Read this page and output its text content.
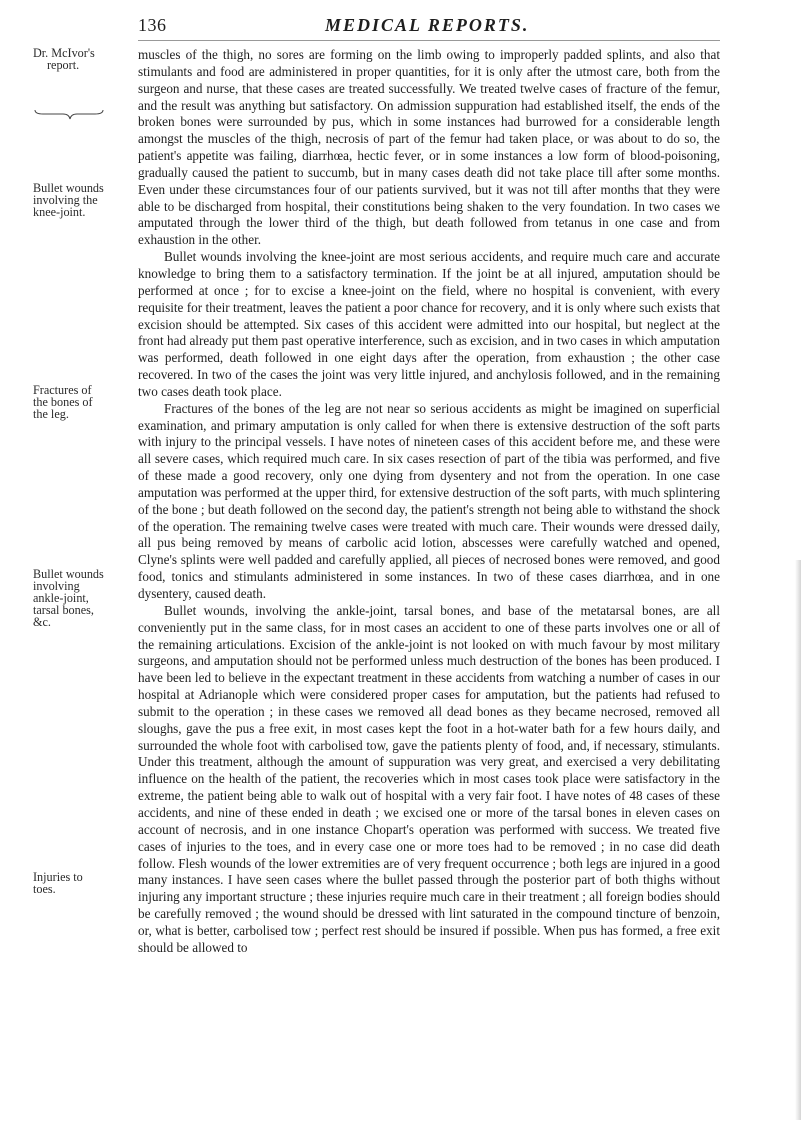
136	MEDICAL REPORTS.
Dr. McIvor's
report.
Bullet wounds
involving the
knee-joint.
Fractures of
the bones of
the leg.
Bullet wounds
involving
ankle-joint,
tarsal bones,
&c.
Injuries to
toes.

muscles of the thigh, no sores are forming on the limb owing to improperly padded splints, and also that stimulants and food are administered in proper quantities, for it is only after the utmost care, both from the surgeon and nurse, that these cases are treated successfully. We treated twelve cases of fracture of the femur, and the result was anything but satisfactory. On admission suppuration had established itself, the ends of the broken bones were surrounded by pus, which in some instances had burrowed for a considerable length amongst the muscles of the thigh, necrosis of part of the femur had taken place, or was about to do so, the patient's appetite was failing, diarrhœa, hectic fever, or in some instances a low form of blood-poisoning, gradually caused the patient to succumb, but in many cases death did not take place till after some months. Even under these circumstances four of our patients survived, but it was not till after months that they were able to be discharged from hospital, their constitutions being shaken to the very foundation. In two cases we amputated through the lower third of the thigh, but death followed from tetanus in one case and from exhaustion in the other.

Bullet wounds involving the knee-joint are most serious accidents, and require much care and accurate knowledge to bring them to a satisfactory termination. If the joint be at all injured, amputation should be performed at once ; for to excise a knee-joint on the field, where no hospital is convenient, with every requisite for their treatment, leaves the patient a poor chance for recovery, and it is only where such exists that excision should be attempted. Six cases of this accident were admitted into our hospital, but neglect at the front had already put them past operative interference, such as excision, and in two cases in which amputation was performed, death followed in one eight days after the operation, from exhaustion ; the other case recovered. In two of the cases the joint was very little injured, and anchylosis followed, and in the remaining two cases death took place.

Fractures of the bones of the leg are not near so serious accidents as might be imagined on superficial examination, and primary amputation is only called for when there is extensive destruction of the soft parts with injury to the principal vessels. I have notes of nineteen cases of this accident before me, and these were all severe cases, which required much care. In six cases resection of part of the tibia was performed, and five of these made a good recovery, only one dying from dysentery and not from the operation. In one case amputation was performed at the upper third, for extensive destruction of the soft parts, with much splintering of the bone ; but death followed on the second day, the patient's strength not being able to withstand the shock of the operation. The remaining twelve cases were treated with much care. Their wounds were dressed daily, all pus being removed by means of carbolic acid lotion, abscesses were carefully watched and opened, Clyne's splints were well padded and carefully applied, all pieces of necrosed bones were removed, and good food, tonics and stimulants administered in some instances. In two of these cases diarrhœa, and in one dysentery, caused death.

Bullet wounds, involving the ankle-joint, tarsal bones, and base of the metatarsal bones, are all conveniently put in the same class, for in most cases an accident to one of these parts involves one or all of the remaining articulations. Excision of the ankle-joint is not looked on with much favour by most military surgeons, and amputation should not be performed unless much destruction of the bones has been produced. I have been led to believe in the expectant treatment in these accidents from watching a number of cases in our hospital at Adrianople which were considered proper cases for amputation, but the patients had refused to submit to the operation ; in these cases we removed all dead bones as they became necrosed, removed all sloughs, gave the pus a free exit, in most cases kept the foot in a hot-water bath for a few hours daily, and surrounded the whole foot with carbolised tow, gave the patients plenty of food, and, if necessary, stimulants. Under this treatment, although the amount of suppuration was very great, and exercised a very debilitating influence on the health of the patient, the recoveries which in most cases took place were satisfactory in the extreme, the patient being able to walk out of hospital with a very fair foot. I have notes of 48 cases of these accidents, and nine of these ended in death ; we excised one or more of the tarsal bones in eleven cases on account of necrosis, and in one instance Chopart's operation was performed with success. We treated five cases of injuries to the toes, and in every case one or more toes had to be removed ; in no case did death follow. Flesh wounds of the lower extremities are of very frequent occurrence ; both legs are injured in a good many instances. I have seen cases where the bullet passed through the posterior part of both thighs without injuring any important structure ; these injuries require much care in their treatment ; all foreign bodies should be carefully removed ; the wound should be dressed with lint saturated in the compound tincture of benzoin, or, what is better, carbolised tow ; perfect rest should be insured if possible. When pus has formed, a free exit should be allowed to
